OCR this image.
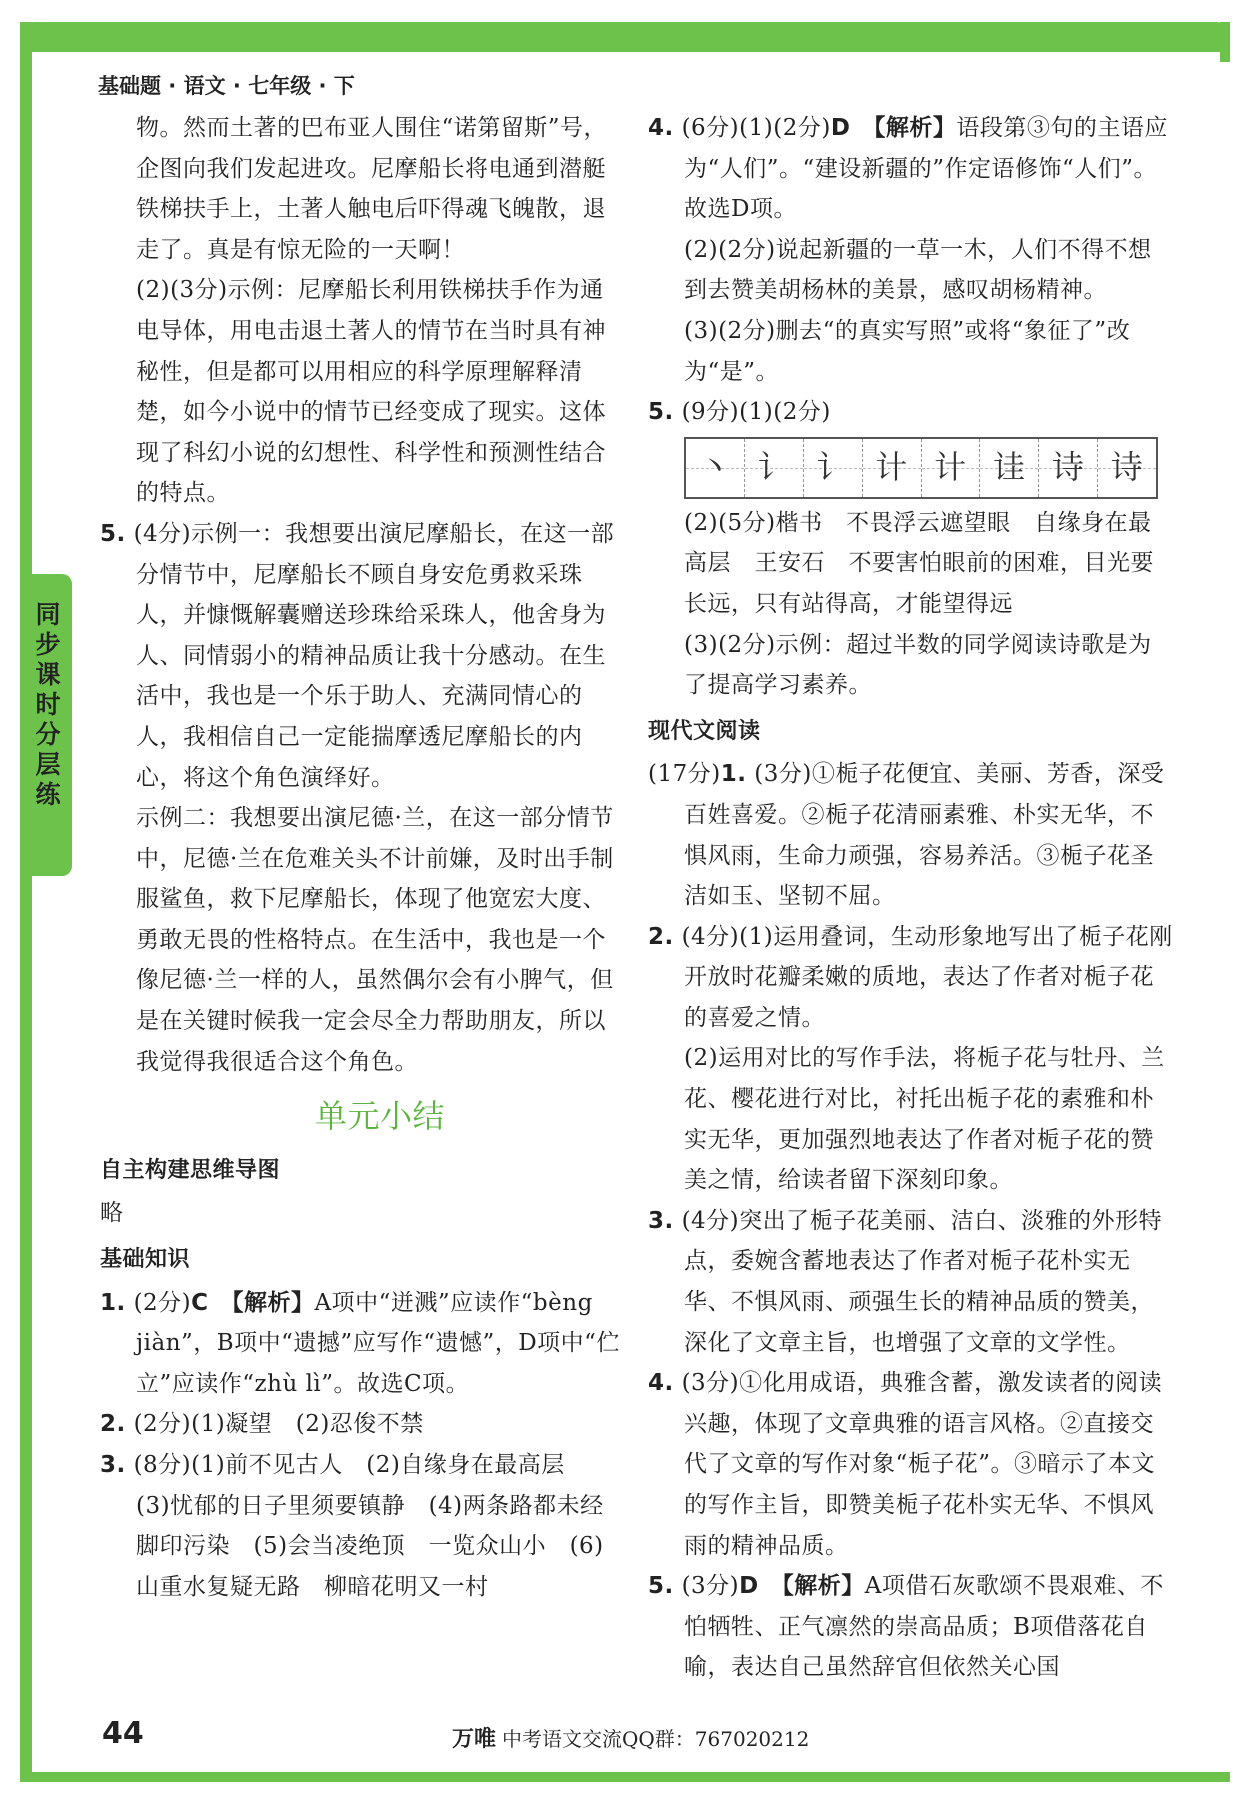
基础题 · 语文 · 七年级 · 下
同步课时分层练

物。然而土著的巴布亚人围住“诺第留斯”号，企图向我们发起进攻。尼摩船长将电通到潜艇铁梯扶手上，土著人触电后吓得魂飞魄散，退走了。真是有惊无险的一天啊！

(2)(3分)示例：尼摩船长利用铁梯扶手作为通电导体，用电击退土著人的情节在当时具有神秘性，但是都可以用相应的科学原理解释清楚，如今小说中的情节已经变成了现实。这体现了科幻小说的幻想性、科学性和预测性结合的特点。

5. (4分)示例一：我想要出演尼摩船长，在这一部分情节中，尼摩船长不顾自身安危勇救采珠人，并慷慨解囊赠送珍珠给采珠人，他舍身为人、同情弱小的精神品质让我十分感动。在生活中，我也是一个乐于助人、充满同情心的人，我相信自己一定能揣摩透尼摩船长的内心，将这个角色演绎好。

示例二：我想要出演尼德·兰，在这一部分情节中，尼德·兰在危难关头不计前嫌，及时出手制服鲨鱼，救下尼摩船长，体现了他宽宏大度、勇敢无畏的性格特点。在生活中，我也是一个像尼德·兰一样的人，虽然偶尔会有小脾气，但是在关键时候我一定会尽全力帮助朋友，所以我觉得我很适合这个角色。

单元小结

自主构建思维导图

略

基础知识

1. (2分)C　 【解析】A项中“迸溅”应读作“bèng jiàn”，B项中“遗撼”应写作“遗憾”，D项中“伫立”应读作“zhù lì”。故选C项。

2. (2分)(1)凝望　(2)忍俊不禁

3. (8分)(1)前不见古人　(2)自缘身在最高层　(3)忧郁的日子里须要镇静　(4)两条路都未经脚印污染　(5)会当凌绝顶　一览众山小　(6)山重水复疑无路　柳暗花明又一村

4. (6分)(1)(2分)D　 【解析】语段第③句的主语应为“人们”。“建设新疆的”作定语修饰“人们”。故选D项。

(2)(2分)说起新疆的一草一木，人们不得不想到去赞美胡杨林的美景，感叹胡杨精神。

(3)(2分)删去“的真实写照”或将“象征了”改为“是”。

5. (9分)(1)(2分)

丶 讠 讠 计 计 诖 诗 诗

(2)(5分)楷书　不畏浮云遮望眼　自缘身在最高层　王安石　不要害怕眼前的困难，目光要长远，只有站得高，才能望得远

(3)(2分)示例：超过半数的同学阅读诗歌是为了提高学习素养。

现代文阅读

(17分)1. (3分)①栀子花便宜、美丽、芳香，深受百姓喜爱。②栀子花清丽素雅、朴实无华，不惧风雨，生命力顽强，容易养活。③栀子花圣洁如玉、坚韧不屈。

2. (4分)(1)运用叠词，生动形象地写出了栀子花刚开放时花瓣柔嫩的质地，表达了作者对栀子花的喜爱之情。

(2)运用对比的写作手法，将栀子花与牡丹、兰花、樱花进行对比，衬托出栀子花的素雅和朴实无华，更加强烈地表达了作者对栀子花的赞美之情，给读者留下深刻印象。

3. (4分)突出了栀子花美丽、洁白、淡雅的外形特点，委婉含蓄地表达了作者对栀子花朴实无华、不惧风雨、顽强生长的精神品质的赞美，深化了文章主旨，也增强了文章的文学性。

4. (3分)①化用成语，典雅含蓄，激发读者的阅读兴趣，体现了文章典雅的语言风格。②直接交代了文章的写作对象“栀子花”。③暗示了本文的写作主旨，即赞美栀子花朴实无华、不惧风雨的精神品质。

5. (3分)D　 【解析】A项借石灰歌颂不畏艰难、不怕牺牲、正气凛然的崇高品质；B项借落花自喻，表达自己虽然辞官但依然关心国

44	万唯 中考语文交流QQ群：767020212
